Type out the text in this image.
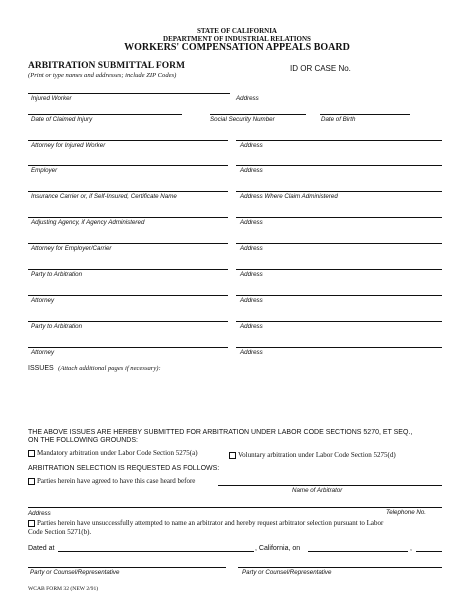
STATE OF CALIFORNIA
DEPARTMENT OF INDUSTRIAL RELATIONS
WORKERS' COMPENSATION APPEALS BOARD
ARBITRATION SUBMITTAL FORM
(Print or type names and addresses; include ZIP Codes)
ID OR CASE No.
Injured Worker	Address
Date of Claimed Injury	Social Security Number	Date of Birth
Attorney for Injured Worker	Address
Employer	Address
Insurance Carrier or, if Self-Insured, Certificate Name	Address Where Claim Administered
Adjusting Agency, if Agency Administered	Address
Attorney for Employer/Carrier	Address
Party to Arbitration	Address
Attorney	Address
Party to Arbitration	Address
Attorney	Address
ISSUES (Attach additional pages if necessary):
THE ABOVE ISSUES ARE HEREBY SUBMITTED FOR ARBITRATION UNDER LABOR CODE SECTIONS 5270, ET SEQ.,
ON THE FOLLOWING GROUNDS:
Mandatory arbitration under Labor Code Section 5275(a)	Voluntary arbitration under Labor Code Section 5275(d)
ARBITRATION SELECTION IS REQUESTED AS FOLLOWS:
Parties herein have agreed to have this case heard before
Name of Arbitrator
Address	Telephone No.
Parties herein have unsuccessfully attempted to name an arbitrator and hereby request arbitrator selection pursuant to Labor
Code Section 5271(b).
Dated at	, California, on	,
Party or Counsel/Representative	Party or Counsel/Representative
WCAB FORM 32 (NEW 2/91)
